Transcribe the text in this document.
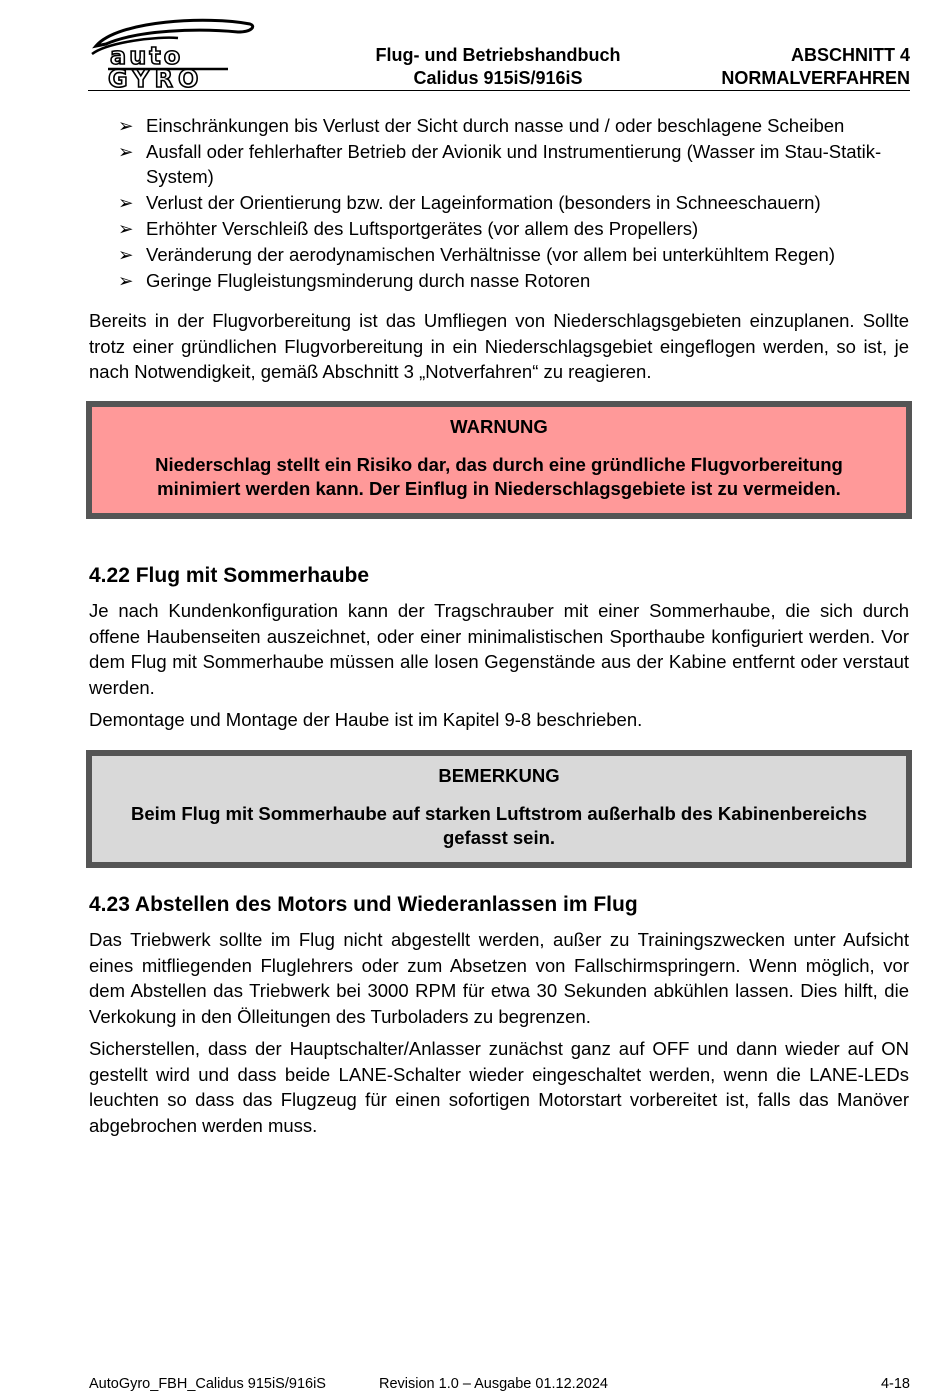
auto
GYRO
Flug- und Betriebshandbuch
Calidus 915iS/916iS
ABSCHNITT 4
NORMALVERFAHREN
➢ Einschränkungen bis Verlust der Sicht durch nasse und / oder beschlagene Scheiben
➢ Ausfall oder fehlerhafter Betrieb der Avionik und Instrumentierung (Wasser im Stau-Statik-System)
➢ Verlust der Orientierung bzw. der Lageinformation (besonders in Schneeschauern)
➢ Erhöhter Verschleiß des Luftsportgerätes (vor allem des Propellers)
➢ Veränderung der aerodynamischen Verhältnisse (vor allem bei unterkühltem Regen)
➢ Geringe Flugleistungsminderung durch nasse Rotoren

Bereits in der Flugvorbereitung ist das Umfliegen von Niederschlagsgebieten einzuplanen. Sollte trotz einer gründlichen Flugvorbereitung in ein Niederschlagsgebiet eingeflogen werden, so ist, je nach Notwendigkeit, gemäß Abschnitt 3 „Notverfahren“ zu reagieren.

WARNUNG
Niederschlag stellt ein Risiko dar, das durch eine gründliche Flugvorbereitung minimiert werden kann. Der Einflug in Niederschlagsgebiete ist zu vermeiden.
4.22 Flug mit Sommerhaube

Je nach Kundenkonfiguration kann der Tragschrauber mit einer Sommerhaube, die sich durch offene Haubenseiten auszeichnet, oder einer minimalistischen Sporthaube konfiguriert werden. Vor dem Flug mit Sommerhaube müssen alle losen Gegenstände aus der Kabine entfernt oder verstaut werden.

Demontage und Montage der Haube ist im Kapitel 9-8 beschrieben.

BEMERKUNG
Beim Flug mit Sommerhaube auf starken Luftstrom außerhalb des Kabinenbereichs gefasst sein.
4.23 Abstellen des Motors und Wiederanlassen im Flug

Das Triebwerk sollte im Flug nicht abgestellt werden, außer zu Trainingszwecken unter Aufsicht eines mitfliegenden Fluglehrers oder zum Absetzen von Fallschirmspringern. Wenn möglich, vor dem Abstellen das Triebwerk bei 3000 RPM für etwa 30 Sekunden abkühlen lassen. Dies hilft, die Verkokung in den Ölleitungen des Turboladers zu begrenzen.

Sicherstellen, dass der Hauptschalter/Anlasser zunächst ganz auf OFF und dann wieder auf ON gestellt wird und dass beide LANE-Schalter wieder eingeschaltet werden, wenn die LANE-LEDs leuchten so dass das Flugzeug für einen sofortigen Motorstart vorbereitet ist, falls das Manöver abgebrochen werden muss.

AutoGyro_FBH_Calidus 915iS/916iS	Revision 1.0 – Ausgabe 01.12.2024	4-18
